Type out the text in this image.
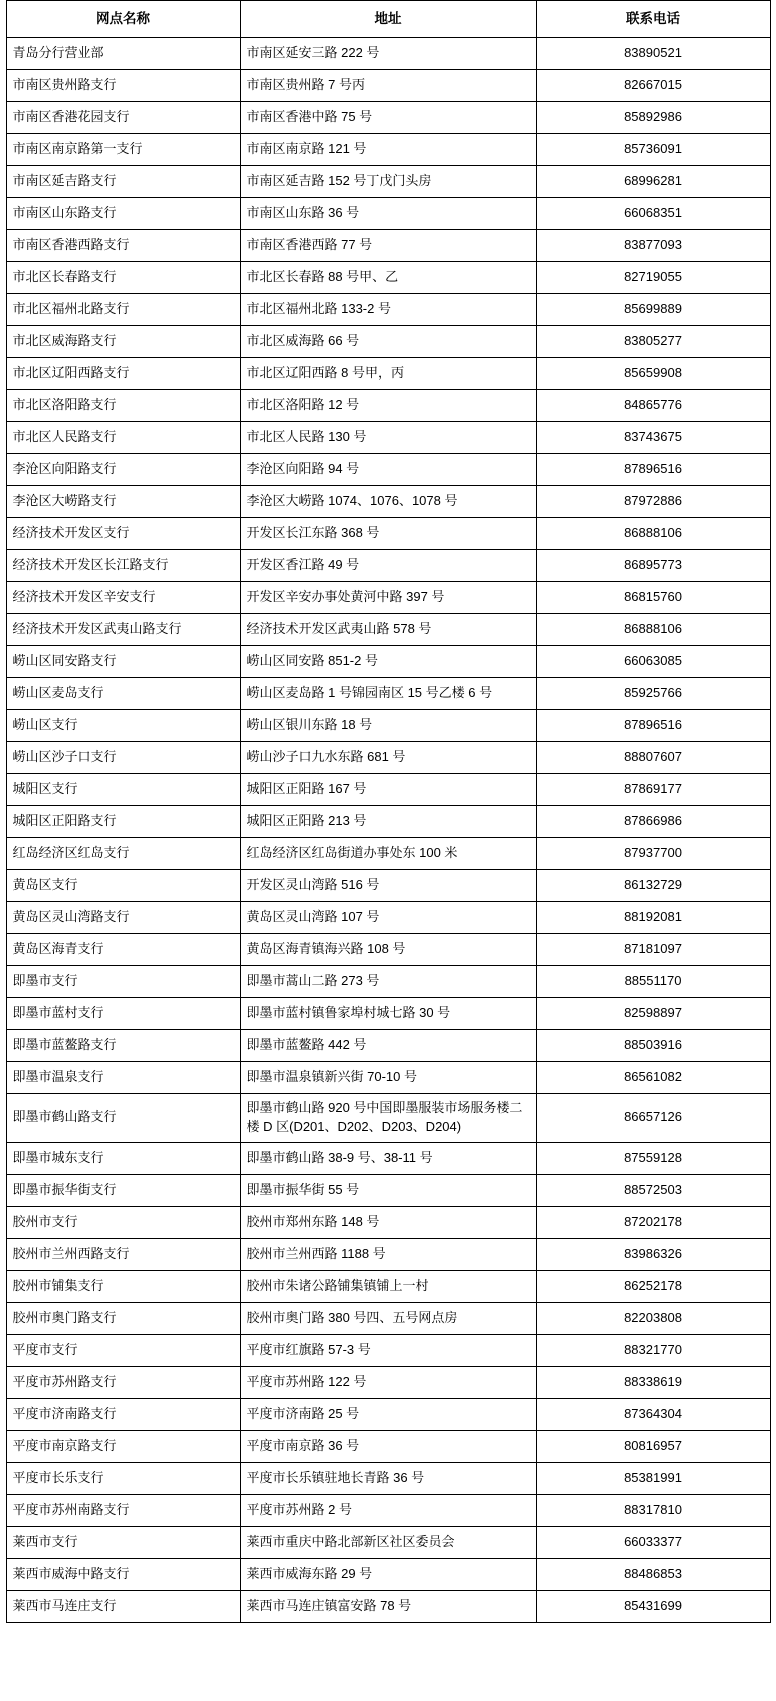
网点名称	地址	联系电话
青岛分行营业部	市南区延安三路 222 号	83890521
市南区贵州路支行	市南区贵州路 7 号丙	82667015
市南区香港花园支行	市南区香港中路 75 号	85892986
市南区南京路第一支行	市南区南京路 121 号	85736091
市南区延吉路支行	市南区延吉路 152 号丁戊门头房	68996281
市南区山东路支行	市南区山东路 36 号	66068351
市南区香港西路支行	市南区香港西路 77 号	83877093
市北区长春路支行	市北区长春路 88 号甲、乙	82719055
市北区福州北路支行	市北区福州北路 133-2 号	85699889
市北区威海路支行	市北区威海路 66 号	83805277
市北区辽阳西路支行	市北区辽阳西路 8 号甲，丙	85659908
市北区洛阳路支行	市北区洛阳路 12 号	84865776
市北区人民路支行	市北区人民路 130 号	83743675
李沧区向阳路支行	李沧区向阳路 94 号	87896516
李沧区大崂路支行	李沧区大崂路 1074、1076、1078 号	87972886
经济技术开发区支行	开发区长江东路 368 号	86888106
经济技术开发区长江路支行	开发区香江路 49 号	86895773
经济技术开发区辛安支行	开发区辛安办事处黄河中路 397 号	86815760
经济技术开发区武夷山路支行	经济技术开发区武夷山路 578 号	86888106
崂山区同安路支行	崂山区同安路 851-2 号	66063085
崂山区麦岛支行	崂山区麦岛路 1 号锦园南区 15 号乙楼 6 号	85925766
崂山区支行	崂山区银川东路 18 号	87896516
崂山区沙子口支行	崂山沙子口九水东路 681 号	88807607
城阳区支行	城阳区正阳路 167 号	87869177
城阳区正阳路支行	城阳区正阳路 213 号	87866986
红岛经济区红岛支行	红岛经济区红岛街道办事处东 100 米	87937700
黄岛区支行	开发区灵山湾路 516 号	86132729
黄岛区灵山湾路支行	黄岛区灵山湾路 107 号	88192081
黄岛区海青支行	黄岛区海青镇海兴路 108 号	87181097
即墨市支行	即墨市蒿山二路 273 号	88551170
即墨市蓝村支行	即墨市蓝村镇鲁家埠村城七路 30 号	82598897
即墨市蓝鳌路支行	即墨市蓝鳌路 442 号	88503916
即墨市温泉支行	即墨市温泉镇新兴街 70-10 号	86561082
即墨市鹤山路支行	即墨市鹤山路 920 号中国即墨服装市场服务楼二楼 D 区(D201、D202、D203、D204)	86657126
即墨市城东支行	即墨市鹤山路 38-9 号、38-11 号	87559128
即墨市振华街支行	即墨市振华街 55 号	88572503
胶州市支行	胶州市郑州东路 148 号	87202178
胶州市兰州西路支行	胶州市兰州西路 1188 号	83986326
胶州市铺集支行	胶州市朱诸公路铺集镇铺上一村	86252178
胶州市奥门路支行	胶州市奥门路 380 号四、五号网点房	82203808
平度市支行	平度市红旗路 57-3 号	88321770
平度市苏州路支行	平度市苏州路 122 号	88338619
平度市济南路支行	平度市济南路 25 号	87364304
平度市南京路支行	平度市南京路 36 号	80816957
平度市长乐支行	平度市长乐镇驻地长青路 36 号	85381991
平度市苏州南路支行	平度市苏州路 2 号	88317810
莱西市支行	莱西市重庆中路北部新区社区委员会	66033377
莱西市威海中路支行	莱西市威海东路 29 号	88486853
莱西市马连庄支行	莱西市马连庄镇富安路 78 号	85431699
